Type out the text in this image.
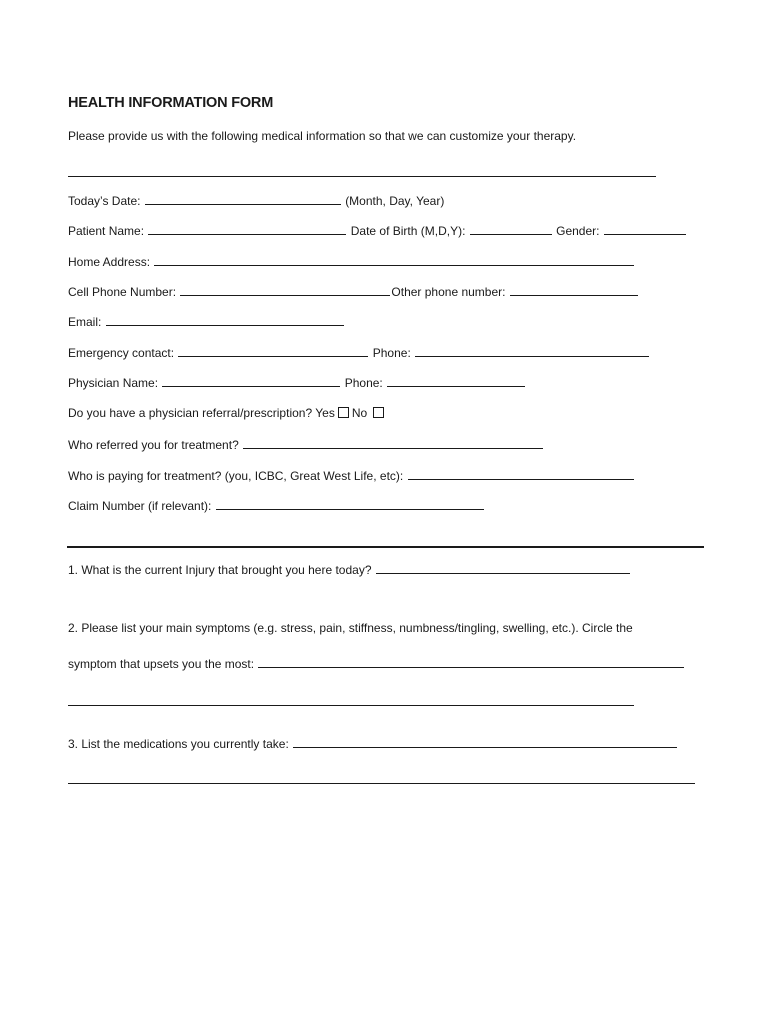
HEALTH INFORMATION FORM
Please provide us with the following medical information so that we can customize your therapy.
Today’s Date:	(Month, Day, Year)
Patient Name:	Date of Birth (M,D,Y):	Gender:
Home Address:
Cell Phone Number:	Other phone number:
Email:
Emergency contact:	Phone:
Physician Name:	Phone:
Do you have a physician referral/prescription? Yes No
Who referred you for treatment?
Who is paying for treatment? (you, ICBC, Great West Life, etc):
Claim Number (if relevant):
1. What is the current Injury that brought you here today?
2. Please list your main symptoms (e.g. stress, pain, stiffness, numbness/tingling, swelling, etc.). Circle the
symptom that upsets you the most:
3. List the medications you currently take:
